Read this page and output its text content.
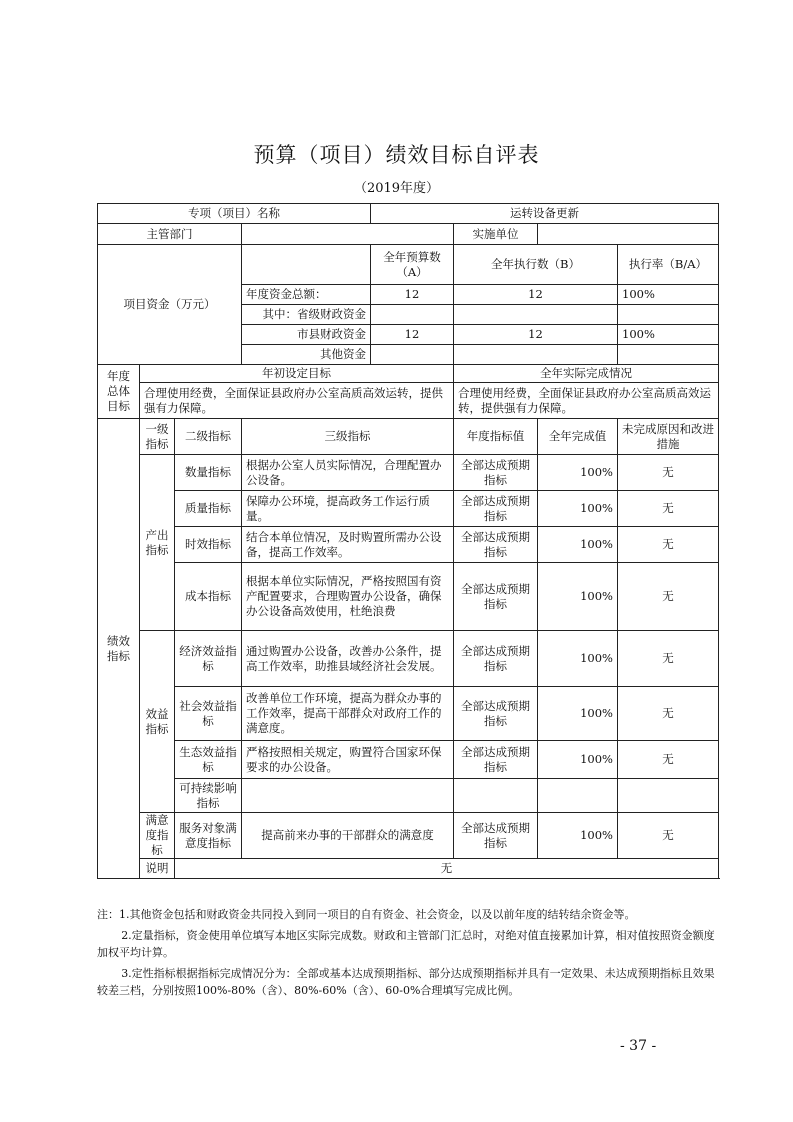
预算（项目）绩效目标自评表
（2019年度）
专项（项目）名称				运转设备更新			
主管部门					实施单位		
项目资金（万元）				全年预算数（A）	全年执行数（B）		执行率（B/A）
			年度资金总额：	12	12		100%
			其中：省级财政资金				
			市县财政资金	12	12		100%
			其他资金				
年度总体目标	年初设定目标				全年实际完成情况		
	合理使用经费，全面保证县政府办公室高质高效运转，提供强有力保障。				合理使用经费，全面保证县政府办公室高质高效运转，提供强有力保障。		
绩效指标	一级指标	二级指标	三级指标		年度指标值	全年完成值	未完成原因和改进措施
	产出指标	数量指标	根据办公室人员实际情况，合理配置办公设备。		全部达成预期指标	100%	无
		质量指标	保障办公环境，提高政务工作运行质量。		全部达成预期指标	100%	无
		时效指标	结合本单位情况，及时购置所需办公设备，提高工作效率。		全部达成预期指标	100%	无
		成本指标	根据本单位实际情况，严格按照国有资产配置要求，合理购置办公设备，确保办公设备高效使用，杜绝浪费		全部达成预期指标	100%	无
	效益指标	经济效益指标	通过购置办公设备，改善办公条件，提高工作效率，助推县域经济社会发展。		全部达成预期指标	100%	无
		社会效益指标	改善单位工作环境，提高为群众办事的工作效率，提高干部群众对政府工作的满意度。		全部达成预期指标	100%	无
		生态效益指标	严格按照相关规定，购置符合国家环保要求的办公设备。		全部达成预期指标	100%	无
		可持续影响指标					
	满意度指标	服务对象满意度指标	提高前来办事的干部群众的满意度		全部达成预期指标	100%	无
	说明	无					

注：1.其他资金包括和财政资金共同投入到同一项目的自有资金、社会资金，以及以前年度的结转结余资金等。

2.定量指标，资金使用单位填写本地区实际完成数。财政和主管部门汇总时，对绝对值直接累加计算，相对值按照资金额度加权平均计算。

3.定性指标根据指标完成情况分为：全部或基本达成预期指标、部分达成预期指标并具有一定效果、未达成预期指标且效果较差三档，分别按照100%-80%（含）、80%-60%（含）、60-0%合理填写完成比例。

- 37 -
